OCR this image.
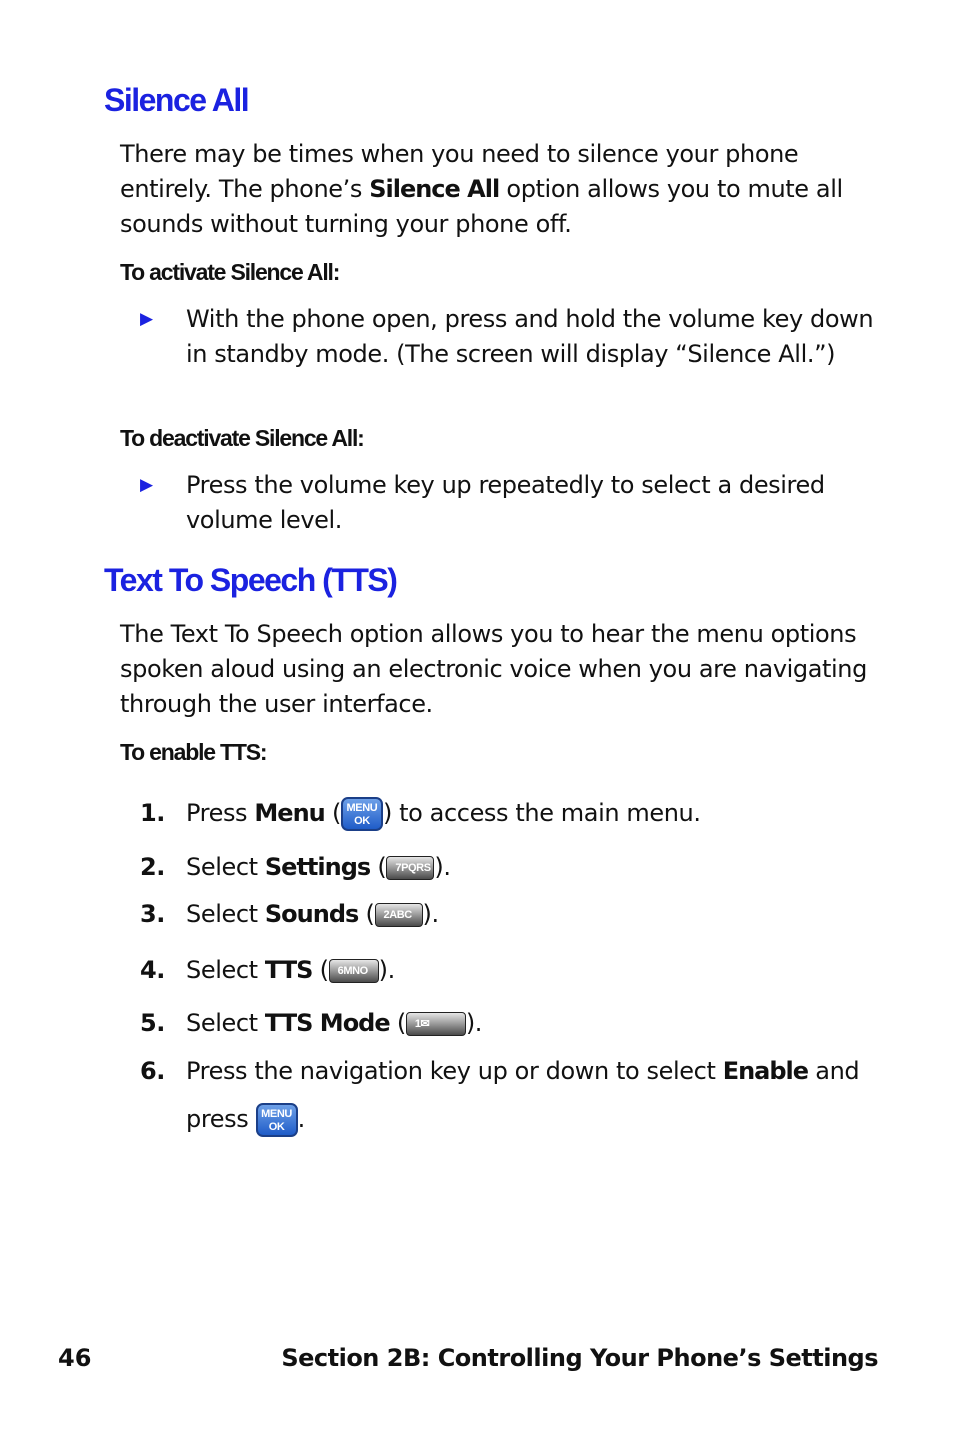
Silence All

There may be times when you need to silence your phone entirely. The phone’s Silence All option allows you to mute all sounds without turning your phone off.

To activate Silence All:

▶ With the phone open, press and hold the volume key down in standby mode. (The screen will display “Silence All.”)

To deactivate Silence All:

▶ Press the volume key up repeatedly to select a desired volume level.
Text To Speech (TTS)

The Text To Speech option allows you to hear the menu options spoken aloud using an electronic voice when you are navigating through the user interface.

To enable TTS:

1. Press Menu ( MENU
OK ) to access the main menu.
2. Select Settings ( 7PQRS ).
3. Select Sounds ( 2ABC ).
4. Select TTS ( 6MNO ).
5. Select TTS Mode ( 1✉ ).
6. Press the navigation key up or down to select Enable and
press MENU
OK .

46	Section 2B: Controlling Your Phone’s Settings
